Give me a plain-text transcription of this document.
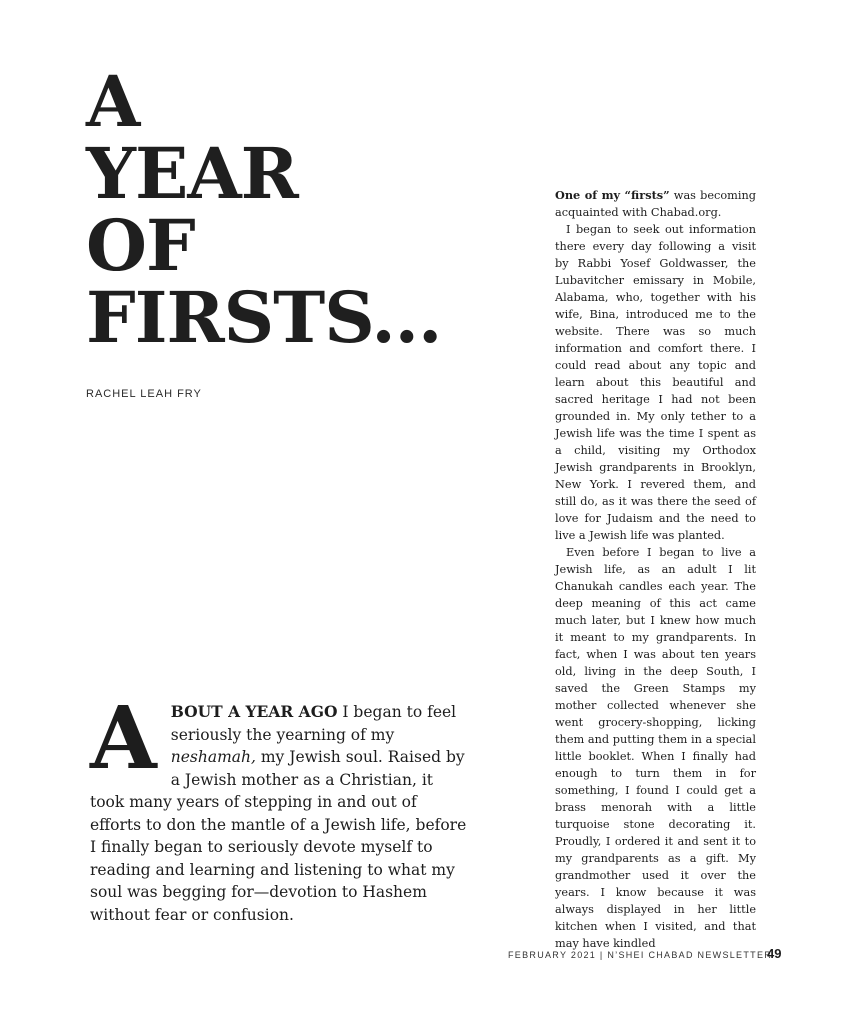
A
YEAR
OF
FIRSTS...
RACHEL LEAH FRY

ABOUT A YEAR AGO I began to feel seriously the yearning of my neshamah, my Jewish soul. Raised by a Jewish mother as a Christian, it took many years of stepping in and out of efforts to don the mantle of a Jewish life, before I finally began to seriously devote myself to reading and learning and listening to what my soul was begging for—devotion to Hashem without fear or confusion.

One of my “firsts” was becoming acquainted with Chabad.org.

I began to seek out information there every day following a visit by Rabbi Yosef Goldwasser, the Lubavitcher emissary in Mobile, Alabama, who, together with his wife, Bina, introduced me to the website. There was so much information and comfort there. I could read about any topic and learn about this beautiful and sacred heritage I had not been grounded in. My only tether to a Jewish life was the time I spent as a child, visiting my Orthodox Jewish grandparents in Brooklyn, New York. I revered them, and still do, as it was there the seed of love for Judaism and the need to live a Jewish life was planted.

Even before I began to live a Jewish life, as an adult I lit Chanukah candles each year. The deep meaning of this act came much later, but I knew how much it meant to my grandparents. In fact, when I was about ten years old, living in the deep South, I saved the Green Stamps my mother collected whenever she went grocery-shopping, licking them and putting them in a special little booklet. When I finally had enough to turn them in for something, I found I could get a brass menorah with a little turquoise stone decorating it. Proudly, I ordered it and sent it to my grandparents as a gift. My grandmother used it over the years. I know because it was always displayed in her little kitchen when I visited, and that may have kindled

FEBRUARY 2021 | N’SHEI CHABAD NEWSLETTER
49
